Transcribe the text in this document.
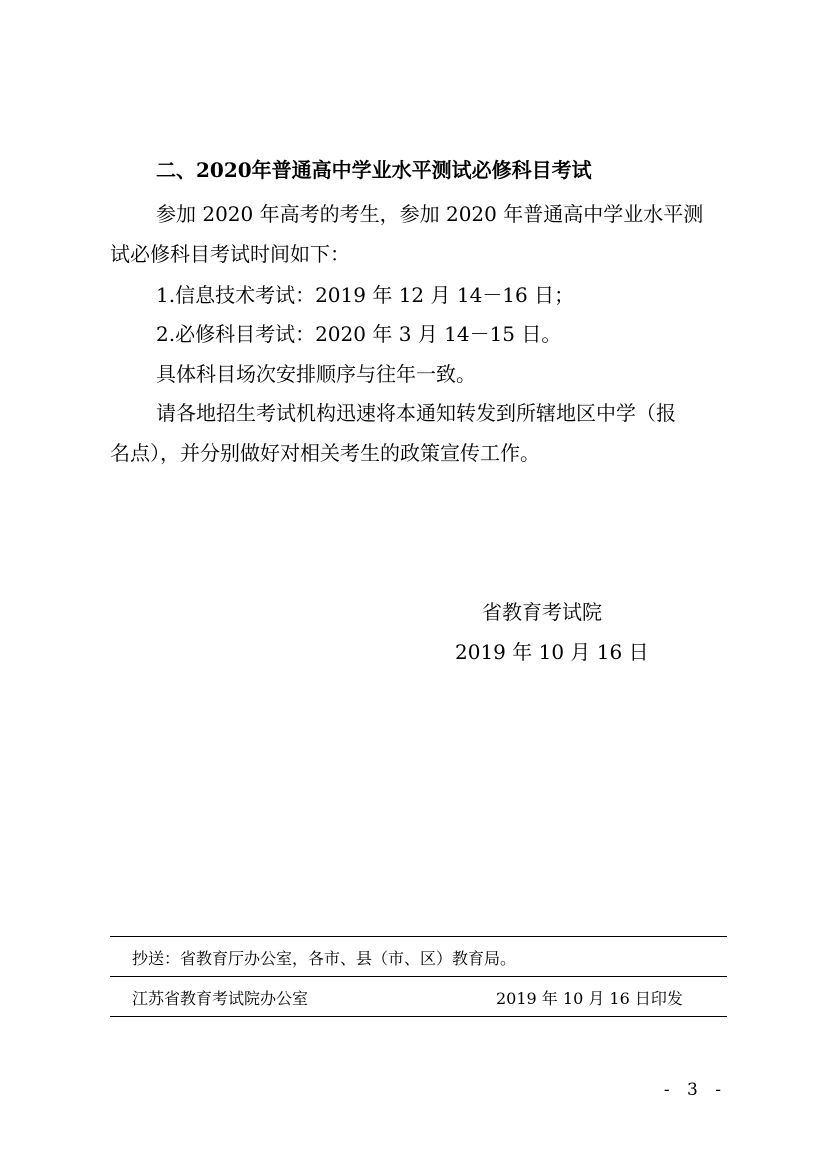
二、2020年普通高中学业水平测试必修科目考试
参加 2020 年高考的考生，参加 2020 年普通高中学业水平测
试必修科目考试时间如下：
1.信息技术考试：2019 年 12 月 14－16 日；
2.必修科目考试：2020 年 3 月 14－15 日。
具体科目场次安排顺序与往年一致。
请各地招生考试机构迅速将本通知转发到所辖地区中学（报
名点），并分别做好对相关考生的政策宣传工作。
省教育考试院
2019 年 10 月 16 日
抄送：省教育厅办公室，各市、县（市、区）教育局。
江苏省教育考试院办公室	2019 年 10 月 16 日印发
- 3 -
